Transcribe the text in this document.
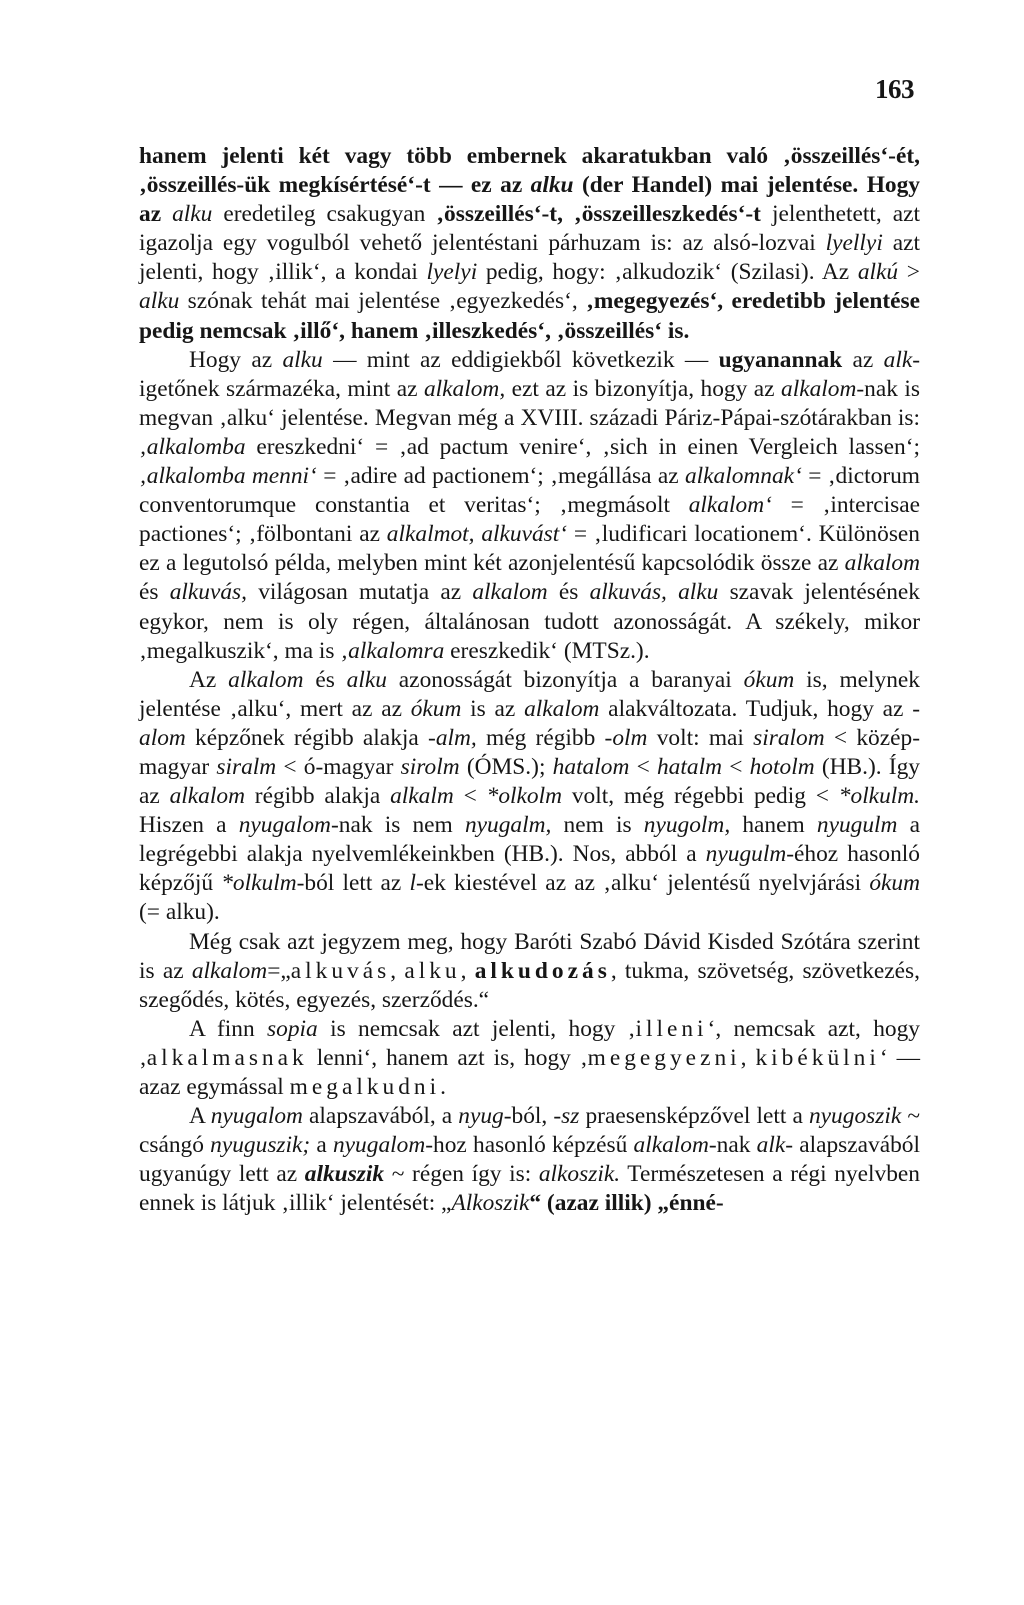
163

hanem jelenti két vagy több embernek akaratukban való ‚összeillés‘-ét, ‚összeillés-ük megkísértésé‘-t — ez az alku (der Handel) mai jelentése. Hogy az alku eredetileg csakugyan ‚összeillés‘-t, ‚összeilleszkedés‘-t jelenthetett, azt igazolja egy vogulból vehető jelentéstani párhuzam is: az alsó-lozvai lyellyi azt jelenti, hogy ‚illik‘, a kondai lyelyi pedig, hogy: ‚alkudozik‘ (Szilasi). Az alkú > alku szónak tehát mai jelentése ‚egyezkedés‘, ‚megegyezés‘, eredetibb jelentése pedig nemcsak ‚illő‘, hanem ‚illeszkedés‘, ‚összeillés‘ is.

Hogy az alku — mint az eddigiekből következik — ugyanannak az alk- igetőnek származéka, mint az alkalom, ezt az is bizonyítja, hogy az alkalom-nak is megvan ‚alku‘ jelentése. Megvan még a XVIII. századi Páriz-Pápai-szótárakban is: ‚alkalomba ereszkedni‘ = ‚ad pactum venire‘, ‚sich in einen Vergleich lassen‘; ‚alkalomba menni‘ = ‚adire ad pactionem‘; ‚megállása az alkalomnak‘ = ‚dictorum conventorumque constantia et veritas‘; ‚megmásolt alkalom‘ = ‚intercisae pactiones‘; ‚fölbontani az alkalmot, alkuvást‘ = ‚ludificari locationem‘. Különösen ez a legutolsó példa, melyben mint két azonjelentésű kapcsolódik össze az alkalom és alkuvás, világosan mutatja az alkalom és alkuvás, alku szavak jelentésének egykor, nem is oly régen, általánosan tudott azonosságát. A székely, mikor ‚megalkuszik‘, ma is ‚alkalomra ereszkedik‘ (MTSz.).

Az alkalom és alku azonosságát bizonyítja a baranyai ókum is, melynek jelentése ‚alku‘, mert az az ókum is az alkalom alakváltozata. Tudjuk, hogy az -alom képzőnek régibb alakja -alm, még régibb -olm volt: mai siralom < közép-magyar siralm < ó-magyar sirolm (ÓMS.); hatalom < hatalm < hotolm (HB.). Így az alkalom régibb alakja alkalm < *olkolm volt, még régebbi pedig < *olkulm. Hiszen a nyugalom-nak is nem nyugalm, nem is nyugolm, hanem nyugulm a legrégebbi alakja nyelvemlékeinkben (HB.). Nos, abból a nyugulm-éhoz hasonló képzőjű *olkulm-ból lett az l-ek kiestével az az ‚alku‘ jelentésű nyelvjárási ókum (= alku).

Még csak azt jegyzem meg, hogy Baróti Szabó Dávid Kisded Szótára szerint is az alkalom=„alkuvás, alku, alkudozás, tukma, szövetség, szövetkezés, szegődés, kötés, egyezés, szerződés.“

A finn sopia is nemcsak azt jelenti, hogy ‚illeni‘, nemcsak azt, hogy ‚alkalmasnak lenni‘, hanem azt is, hogy ‚megegyezni, kibékülni‘ — azaz egymással megalkudni.

A nyugalom alapszavából, a nyug-ból, -sz praesensképzővel lett a nyugoszik ~ csángó nyuguszik; a nyugalom-hoz hasonló képzésű alkalom-nak alk- alapszavából ugyanúgy lett az alkuszik ~ régen így is: alkoszik. Természetesen a régi nyelvben ennek is látjuk ‚illik‘ jelentését: „Alkoszik“ (azaz illik) „énné-
